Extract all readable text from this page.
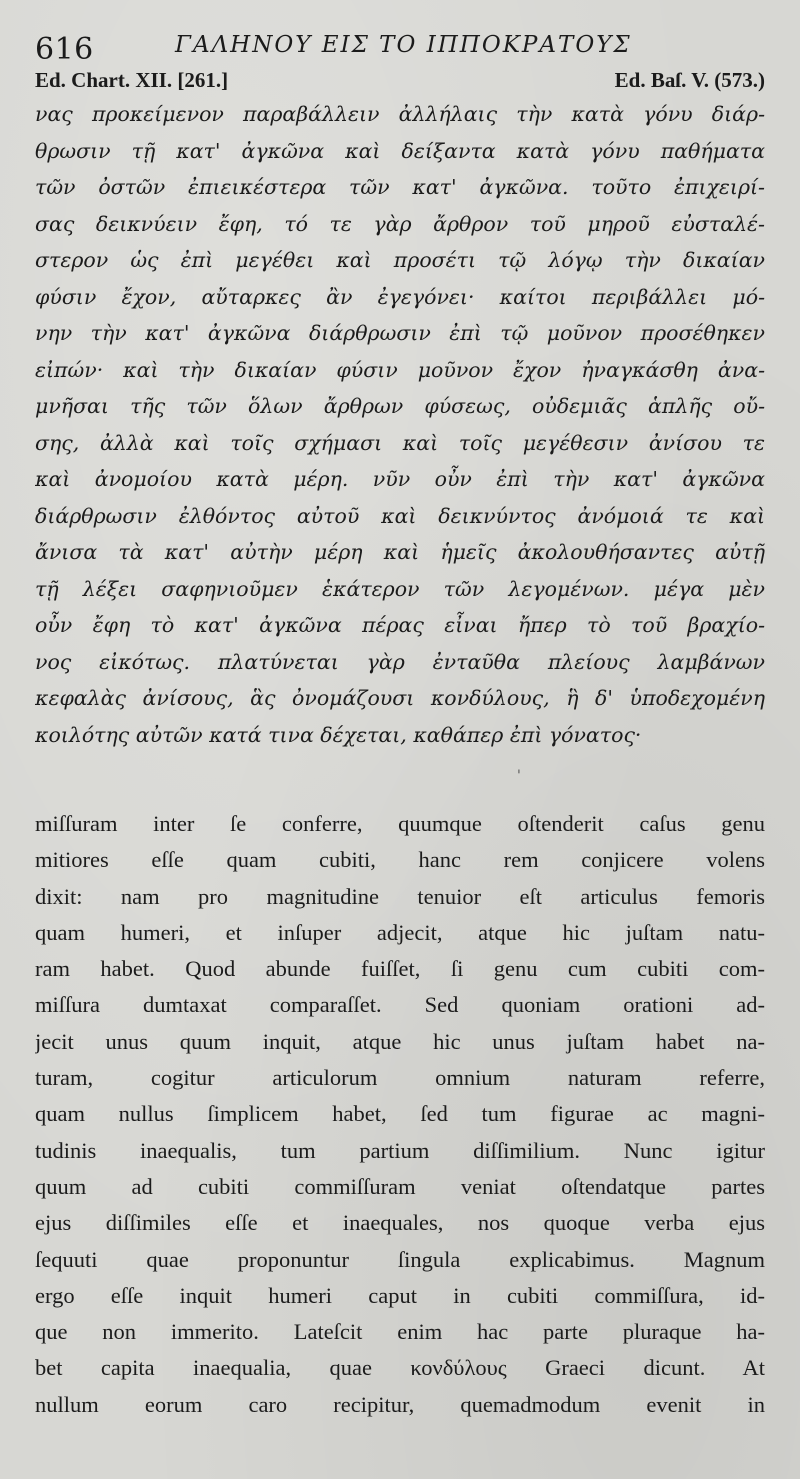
616	ΓΑΛΗΝΟΥ ΕΙΣ ΤΟ ΙΠΠΟΚΡΑΤΟΥΣ
Ed. Chart. XII. [261.]	Ed. Baſ. V. (573.)
νας προκείμενον παραβάλλειν ἀλλήλαις τὴν κατὰ γόνυ διάρ-
θρωσιν τῇ κατ' ἀγκῶνα καὶ δείξαντα κατὰ γόνυ παθήματα
τῶν ὀστῶν ἐπιεικέστερα τῶν κατ' ἀγκῶνα. τοῦτο ἐπιχειρί-
σας δεικνύειν ἔφη, τό τε γὰρ ἄρθρον τοῦ μηροῦ εὐσταλέ-
στερον ὡς ἐπὶ μεγέθει καὶ προσέτι τῷ λόγῳ τὴν δικαίαν
φύσιν ἔχον, αὔταρκες ἂν ἐγεγόνει· καίτοι περιβάλλει μό-
νην τὴν κατ' ἀγκῶνα διάρθρωσιν ἐπὶ τῷ μοῦνον προσέθηκεν
εἰπών· καὶ τὴν δικαίαν φύσιν μοῦνον ἔχον ἠναγκάσθη ἀνα-
μνῆσαι τῆς τῶν ὅλων ἄρθρων φύσεως, οὐδεμιᾶς ἁπλῆς οὔ-
σης, ἀλλὰ καὶ τοῖς σχήμασι καὶ τοῖς μεγέθεσιν ἀνίσου τε
καὶ ἀνομοίου κατὰ μέρη. νῦν οὖν ἐπὶ τὴν κατ' ἀγκῶνα
διάρθρωσιν ἐλθόντος αὐτοῦ καὶ δεικνύντος ἀνόμοιά τε καὶ
ἄνισα τὰ κατ' αὐτὴν μέρη καὶ ἡμεῖς ἀκολουθήσαντες αὐτῇ
τῇ λέξει σαφηνιοῦμεν ἑκάτερον τῶν λεγομένων. μέγα μὲν
οὖν ἔφη τὸ κατ' ἀγκῶνα πέρας εἶναι ἤπερ τὸ τοῦ βραχίο-
νος εἰκότως. πλατύνεται γὰρ ἐνταῦθα πλείους λαμβάνων
κεφαλὰς ἀνίσους, ἃς ὀνομάζουσι κονδύλους, ἣ δ' ὑποδεχομένη
κοιλότης αὐτῶν κατά τινα δέχεται, καθάπερ ἐπὶ γόνατος·
'
miſſuram inter ſe conferre, quumque oſtenderit caſus genu
mitiores eſſe quam cubiti, hanc rem conjicere volens
dixit: nam pro magnitudine tenuior eſt articulus femoris
quam humeri, et inſuper adjecit, atque hic juſtam natu-
ram habet. Quod abunde fuiſſet, ſi genu cum cubiti com-
miſſura dumtaxat comparaſſet. Sed quoniam orationi ad-
jecit unus quum inquit, atque hic unus juſtam habet na-
turam, cogitur articulorum omnium naturam referre,
quam nullus ſimplicem habet, ſed tum figurae ac magni-
tudinis inaequalis, tum partium diſſimilium. Nunc igitur
quum ad cubiti commiſſuram veniat oſtendatque partes
ejus diſſimiles eſſe et inaequales, nos quoque verba ejus
ſequuti quae proponuntur ſingula explicabimus. Magnum
ergo eſſe inquit humeri caput in cubiti commiſſura, id-
que non immerito. Lateſcit enim hac parte pluraque ha-
bet capita inaequalia, quae κονδύλους Graeci dicunt. At
nullum eorum caro recipitur, quemadmodum evenit in
